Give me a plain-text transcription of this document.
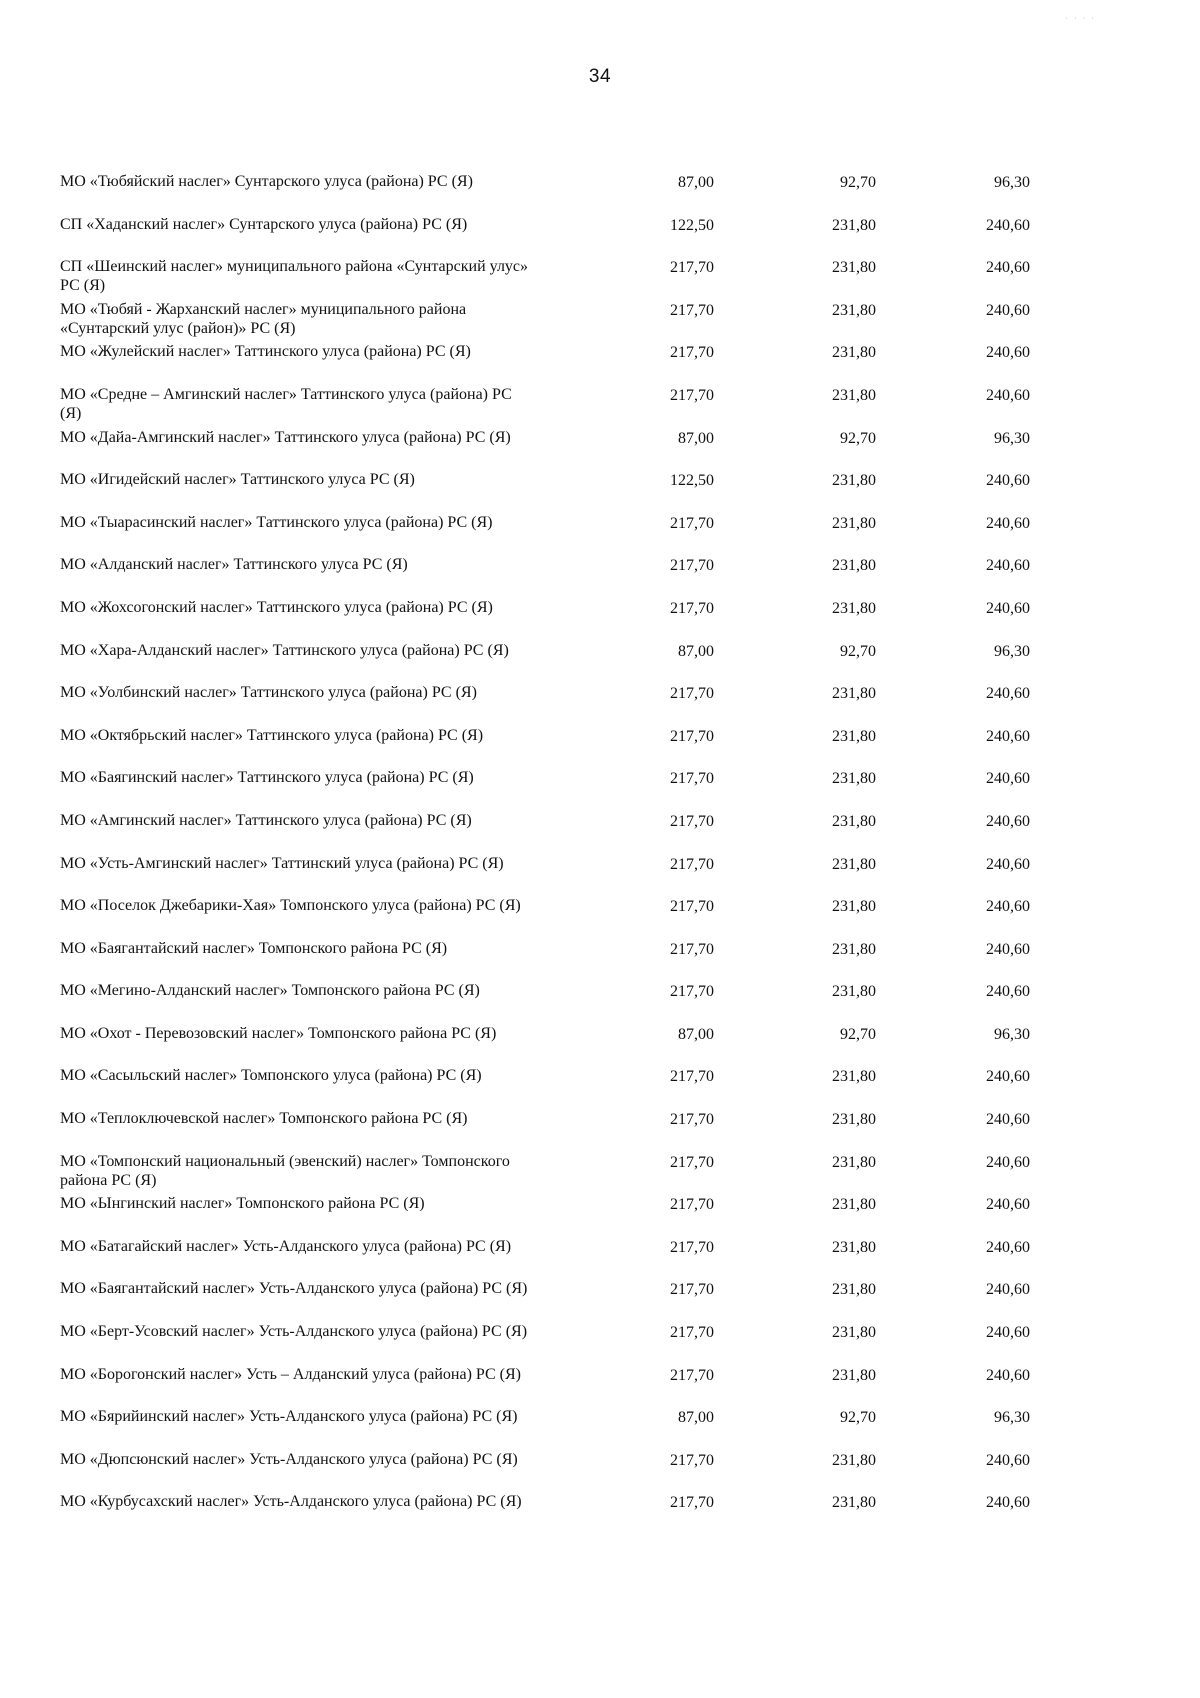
· · · ·
34
МО «Тюбяйский наслег» Сунтарского улуса (района) РС (Я)	87,00	92,70	96,30
СП «Хаданский наслег» Сунтарского улуса (района) РС (Я)	122,50	231,80	240,60
СП «Шеинский наслег» муниципального района «Сунтарский улус» РС (Я)	217,70	231,80	240,60
МО «Тюбяй - Жарханский наслег» муниципального района «Сунтарский улус (район)» РС (Я)	217,70	231,80	240,60
МО «Жулейский наслег» Таттинского улуса (района) РС (Я)	217,70	231,80	240,60
МО «Средне – Амгинский наслег» Таттинского улуса (района) РС (Я)	217,70	231,80	240,60
МО «Дайа-Амгинский наслег» Таттинского улуса (района) РС (Я)	87,00	92,70	96,30
МО «Игидейский наслег» Таттинского улуса РС (Я)	122,50	231,80	240,60
МО «Тыарасинский наслег» Таттинского улуса (района) РС (Я)	217,70	231,80	240,60
МО «Алданский наслег» Таттинского улуса РС (Я)	217,70	231,80	240,60
МО «Жохсогонский наслег» Таттинского улуса (района) РС (Я)	217,70	231,80	240,60
МО «Хара-Алданский наслег» Таттинского улуса (района) РС (Я)	87,00	92,70	96,30
МО «Уолбинский наслег» Таттинского улуса (района) РС (Я)	217,70	231,80	240,60
МО «Октябрьский наслег» Таттинского улуса (района) РС (Я)	217,70	231,80	240,60
МО «Баягинский наслег» Таттинского улуса (района) РС (Я)	217,70	231,80	240,60
МО «Амгинский наслег» Таттинского улуса (района) РС (Я)	217,70	231,80	240,60
МО «Усть-Амгинский наслег» Таттинский улуса (района) РС (Я)	217,70	231,80	240,60
МО «Поселок Джебарики-Хая» Томпонского улуса (района) РС (Я)	217,70	231,80	240,60
МО «Баягантайский наслег» Томпонского района РС (Я)	217,70	231,80	240,60
МО «Мегино-Алданский наслег» Томпонского района РС (Я)	217,70	231,80	240,60
МО «Охот - Перевозовский наслег» Томпонского района РС (Я)	87,00	92,70	96,30
МО «Сасыльский наслег» Томпонского улуса (района) РС (Я)	217,70	231,80	240,60
МО «Теплоключевской наслег» Томпонского района РС (Я)	217,70	231,80	240,60
МО «Томпонский национальный (эвенский) наслег» Томпонского района РС (Я)	217,70	231,80	240,60
МО «Ынгинский наслег» Томпонского района РС (Я)	217,70	231,80	240,60
МО «Батагайский наслег» Усть-Алданского улуса (района) РС (Я)	217,70	231,80	240,60
МО «Баягантайский наслег» Усть-Алданского улуса (района) РС (Я)	217,70	231,80	240,60
МО «Берт-Усовский наслег» Усть-Алданского улуса (района) РС (Я)	217,70	231,80	240,60
МО «Борогонский наслег» Усть – Алданский улуса (района) РС (Я)	217,70	231,80	240,60
МО «Бярийинский наслег» Усть-Алданского улуса (района) РС (Я)	87,00	92,70	96,30
МО «Дюпсюнский наслег» Усть-Алданского улуса (района) РС (Я)	217,70	231,80	240,60
МО «Курбусахский наслег» Усть-Алданского улуса (района) РС (Я)	217,70	231,80	240,60
